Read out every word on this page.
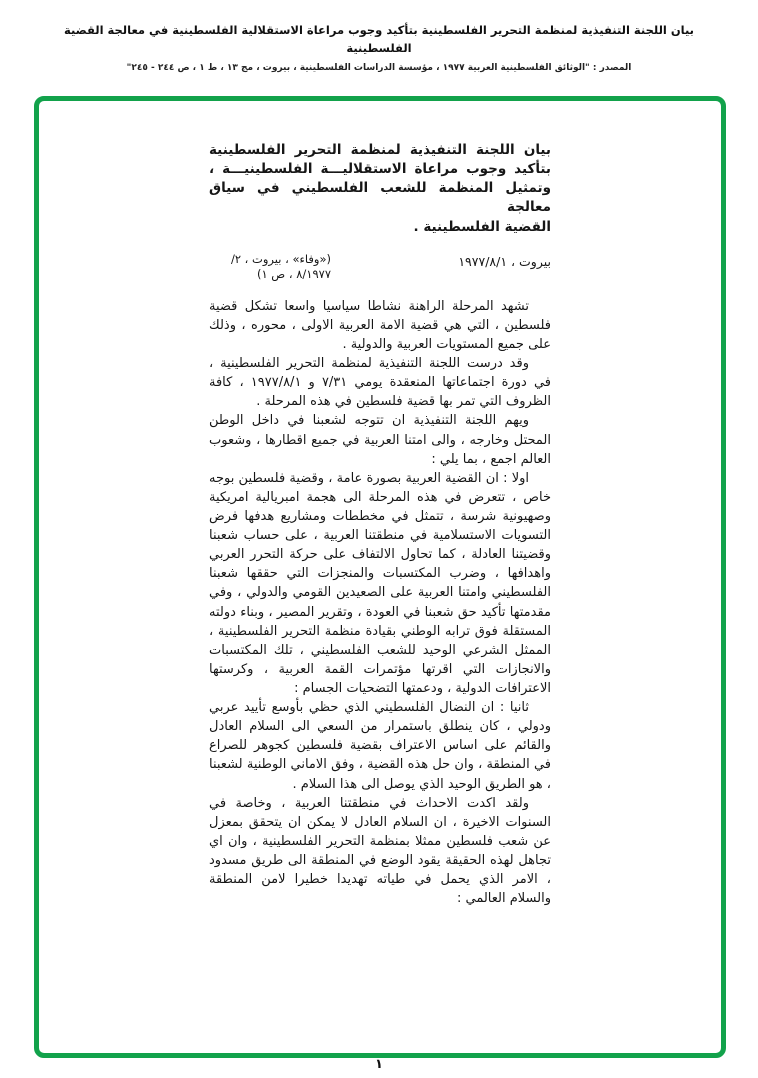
بيان اللجنة التنفيذية لمنظمة التحرير الفلسطينية بتأكيد وجوب مراعاة الاستقلالية الفلسطينية في معالجة القضية الفلسطينية
المصدر : "الوثائق الفلسطينية العربية ١٩٧٧ ، مؤسسة الدراسات الفلسطينية ، بيروت ، مج ١٣ ، ط ١ ، ص ٢٤٤ - ٢٤٥"
بيان اللجنة التنفيذية لمنظمة التحرير الفلسطينية
بتأكيد وجوب مراعاة الاستقلاليـــة الفلسطينيـــة ،
وتمثيل المنظمة للشعب الفلسطيني في سياق معالجة
القضية الفلسطينية .
بيروت ، ١٩٧٧/٨/١
(«وفاء» ، بيروت ، ٢/
٨/١٩٧٧ ، ص ١)

تشهد المرحلة الراهنة نشاطا سياسيا واسعا تشكل قضية فلسطين ، التي هي قضية الامة العربية الاولى ، محوره ، وذلك على جميع المستويات العربية والدولية .

وقد درست اللجنة التنفيذية لمنظمة التحرير الفلسطينية ، في دورة اجتماعاتها المنعقدة يومي ٧/٣١ و ١٩٧٧/٨/١ ، كافة الظروف التي تمر بها قضية فلسطين في هذه المرحلة .

ويهم اللجنة التنفيذية ان تتوجه لشعبنا في داخل الوطن المحتل وخارجه ، والى امتنا العربية في جميع اقطارها ، وشعوب العالم اجمع ، بما يلي :

اولا : ان القضية العربية بصورة عامة ، وقضية فلسطين بوجه خاص ، تتعرض في هذه المرحلة الى هجمة امبريالية امريكية وصهيونية شرسة ، تتمثل في مخططات ومشاريع هدفها فرض التسويات الاستسلامية في منطقتنا العربية ، على حساب شعبنا وقضيتنا العادلة ، كما تحاول الالتفاف على حركة التحرر العربي واهدافها ، وضرب المكتسبات والمنجزات التي حققها شعبنا الفلسطيني وامتنا العربية على الصعيدين القومي والدولي ، وفي مقدمتها تأكيد حق شعبنا في العودة ، وتقرير المصير ، وبناء دولته المستقلة فوق ترابه الوطني بقيادة منظمة التحرير الفلسطينية ، الممثل الشرعي الوحيد للشعب الفلسطيني ، تلك المكتسبات والانجازات التي اقرتها مؤتمرات القمة العربية ، وكرستها الاعترافات الدولية ، ودعمتها التضحيات الجسام :

ثانيا : ان النضال الفلسطيني الذي حظي بأوسع تأييد عربي ودولي ، كان ينطلق باستمرار من السعي الى السلام العادل والقائم على اساس الاعتراف بقضية فلسطين كجوهر للصراع في المنطقة ، وان حل هذه القضية ، وفق الاماني الوطنية لشعبنا ، هو الطريق الوحيد الذي يوصل الى هذا السلام .

ولقد اكدت الاحداث في منطقتنا العربية ، وخاصة في السنوات الاخيرة ، ان السلام العادل لا يمكن ان يتحقق بمعزل عن شعب فلسطين ممثلا بمنظمة التحرير الفلسطينية ، وان اي تجاهل لهذه الحقيقة يقود الوضع في المنطقة الى طريق مسدود ، الامر الذي يحمل في طياته تهديدا خطيرا لامن المنطقة والسلام العالمي :

١
